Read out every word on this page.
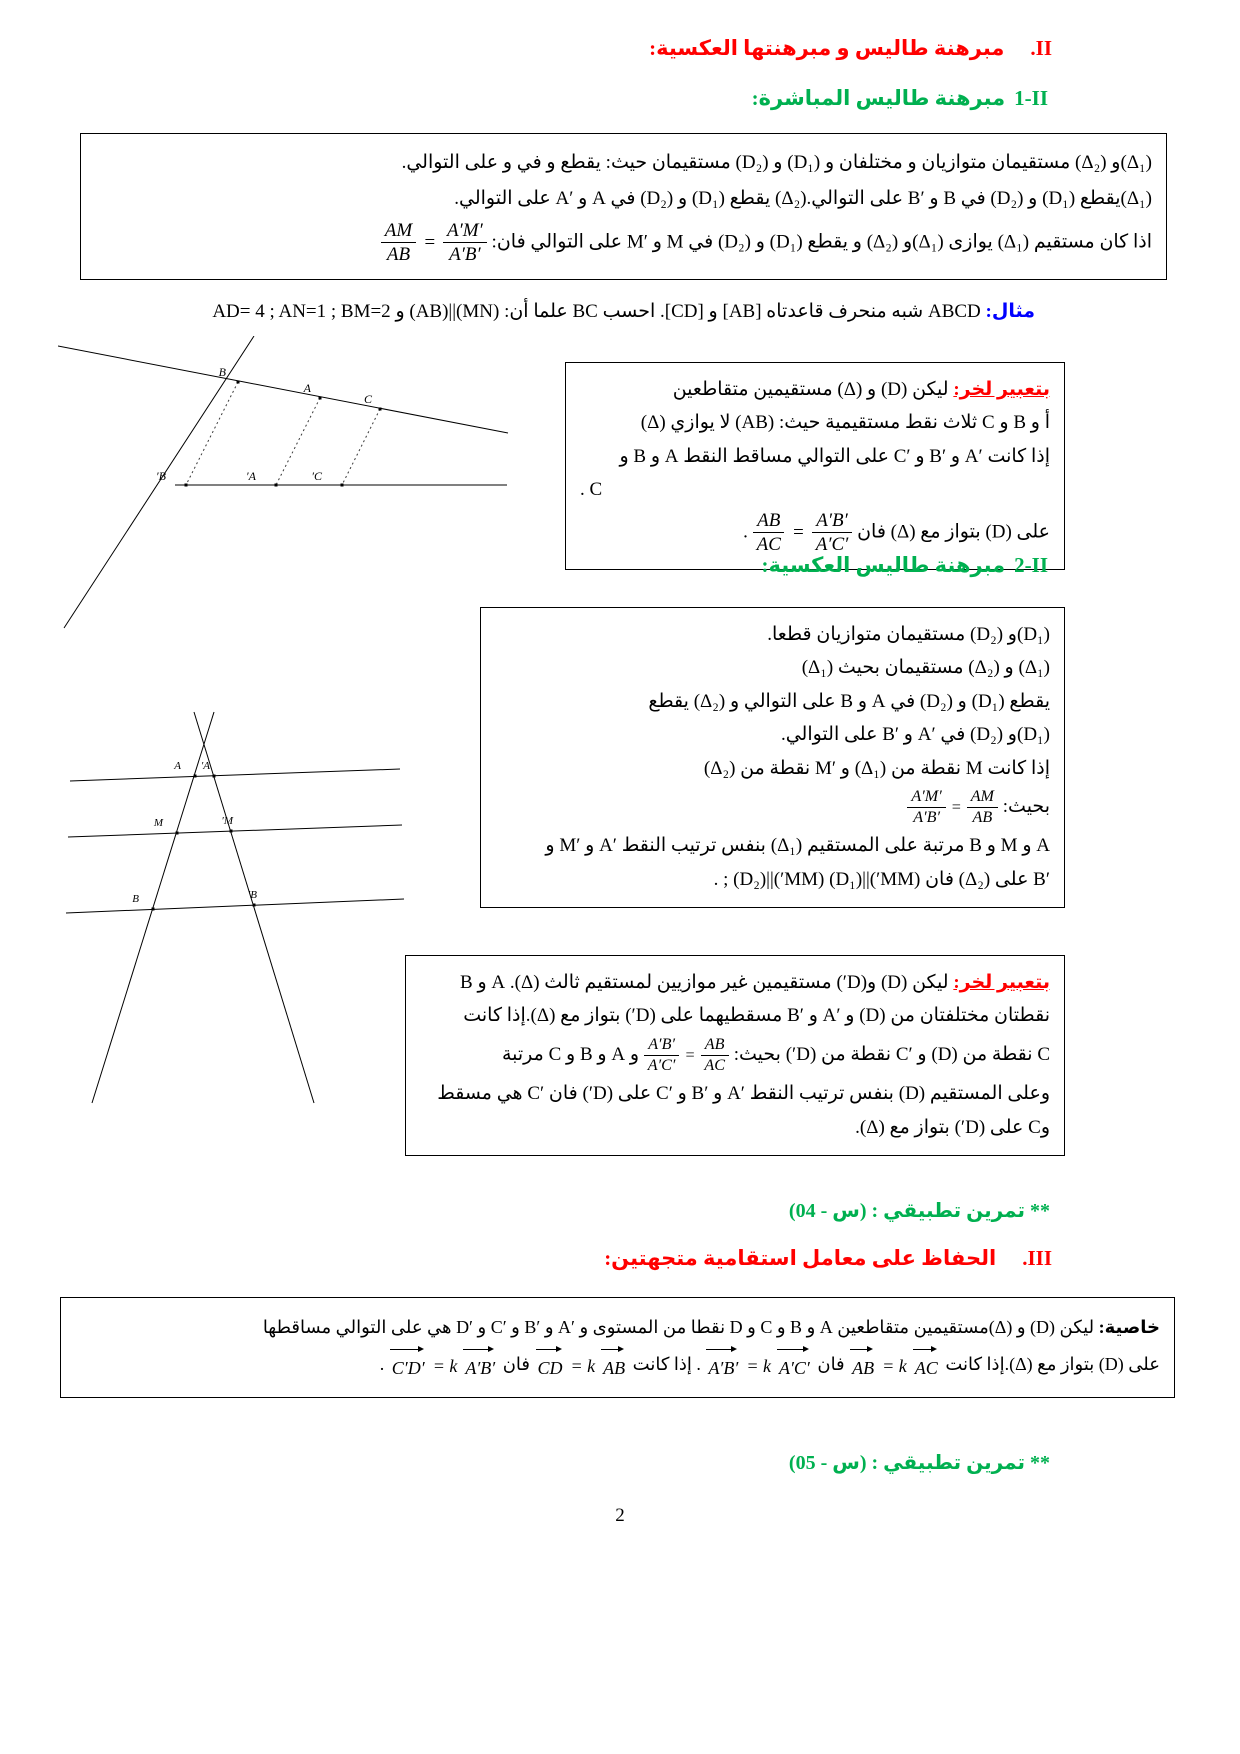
II.
مبرهنة طاليس و مبرهنتها العكسية:
1-II
مبرهنة طاليس المباشرة:

(Δ₁)و (Δ₂) مستقيمان متوازيان و مختلفان و (D₁) و (D₂) مستقيمان حيث: يقطع و في و على التوالي.

(Δ₁)يقطع (D₁) و (D₂) في B و B′‎ على التوالي.(Δ₂) يقطع (D₁) و (D₂) في A و A′‎ على التوالي.

اذا كان مستقيم (Δ₁) يوازى (Δ₁)و (Δ₂) و يقطع (D₁) و (D₂) في M و M′‎ على التوالي فان:
$\frac{AM}{AB} = \frac{A'M'}{A'B'}$

مثال: ABCD شبه منحرف قاعدتاه [AB] و [CD]. احسب BC علما أن: (MN)||(AB) و AD= 4 ; AN=1 ; BM=2

بتعبير لخر: ليكن (D) و (Δ) مستقيمين متقاطعين

أ و B و C ثلاث نقط مستقيمية حيث: (AB) لا يوازي (Δ)

إذا كانت A′‎ و B′‎ و C′‎ على التوالي مساقط النقط A و B و

C .

على (D) بتواز مع (Δ) فان
$\frac{AB}{AC} = \frac{A'B'}{A'C'}$
.

B
A
C
B′	A′	C′
2-II
مبرهنة طاليس العكسية:

(D₁)و (D₂) مستقيمان متوازيان قطعا.

(Δ₁) و (Δ₂) مستقيمان بحيث (Δ₁)

يقطع (D₁) و (D₂) في A و B على التوالي و (Δ₂) يقطع

(D₁)و (D₂) في A′‎ و B′‎ على التوالي.

إذا كانت M نقطة من (Δ₁) و M′‎ نقطة من (Δ₂)

بحيث:
$\frac{A'M'}{A'B'} = \frac{AM}{AB}$

A و M و B مرتبة على المستقيم (Δ₁) بنفس ترتيب النقط A′‎ و M′‎ و

B′‎ على (Δ₂) فان (MM′)||(D₁) (MM′)||(D₂) ; .

A A′
M	M′
B	B′

بتعبير لخر: ليكن (D) و(D′) مستقيمين غير موازيين لمستقيم ثالث (Δ). A و B

نقطتان مختلفتان من (D) و A′‎ و B′‎ مسقطيهما على (D′) بتواز مع (Δ).إذا كانت

C نقطة من (D) و C′‎ نقطة من (D′) بحيث:
$\frac{A'B'}{A'C'} = \frac{AB}{AC}$
و A و B و C مرتبة

وعلى المستقيم (D) بنفس ترتيب النقط A′‎ و B′‎ و C′‎ على (D′) فان C′‎ هي مسقط

وC على (D′) بتواز مع (Δ).

** تمرين تطبيقي : (س - 04)

III.
الحفاظ على معامل استقامية متجهتين:

خاصية: ليكن (D) و (Δ)مستقيمين متقاطعين A و B و C و D نقطا من المستوى و A′‎ و B′‎ و C′‎ و D′‎ هي على التوالي مساقطها

على (D) بتواز مع (Δ).إذا كانت
AB = k AC
فان
A′B′ = k A′C′
. إذا كانت
CD = k AB
فان
C′D′ = k A′B′
.

** تمرين تطبيقي : (س - 05)

2
